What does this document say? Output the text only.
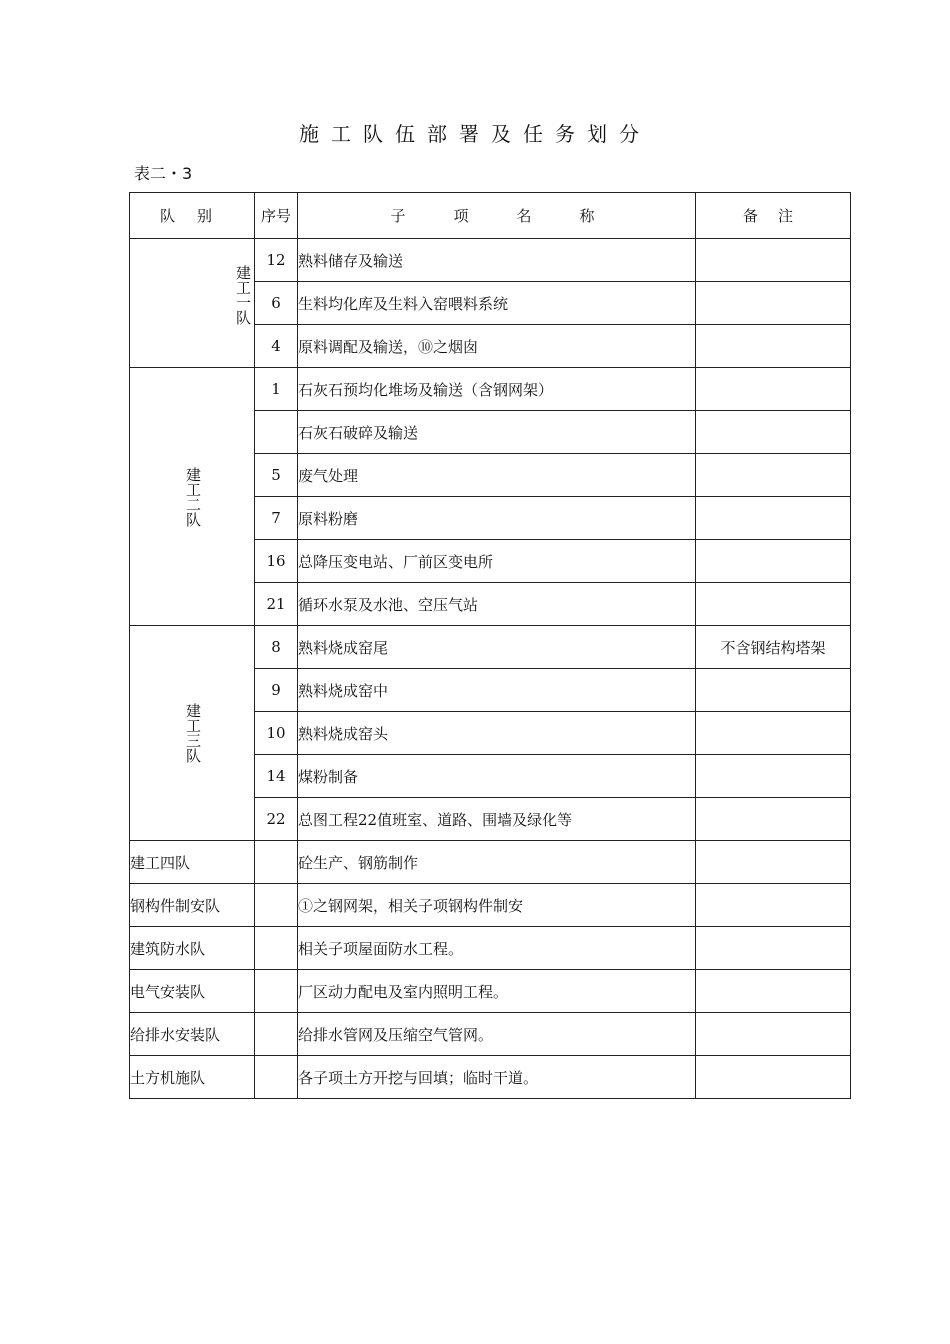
施工队伍部署及任务划分
表二・3
队别	序号	子项名称	备注

建工一队	12	熟料储存及输送	
	6	生料均化库及生料入窑喂料系统	
	4	原料调配及输送，⑩之烟囱	

建工二队	1	石灰石预均化堆场及输送（含钢网架）	
		石灰石破碎及输送	
	5	废气处理	
	7	原料粉磨	
	16	总降压变电站、厂前区变电所	
	21	循环水泵及水池、空压气站	

建工三队	8	熟料烧成窑尾	不含钢结构塔架
	9	熟料烧成窑中	
	10	熟料烧成窑头	
	14	煤粉制备	
	22	总图工程22值班室、道路、围墙及绿化等	
建工四队		砼生产、钢筋制作	
钢构件制安队		①之钢网架，相关子项钢构件制安	
建筑防水队		相关子项屋面防水工程。	
电气安装队		厂区动力配电及室内照明工程。	
给排水安装队		给排水管网及压缩空气管网。	
土方机施队		各子项土方开挖与回填；临时干道。	
